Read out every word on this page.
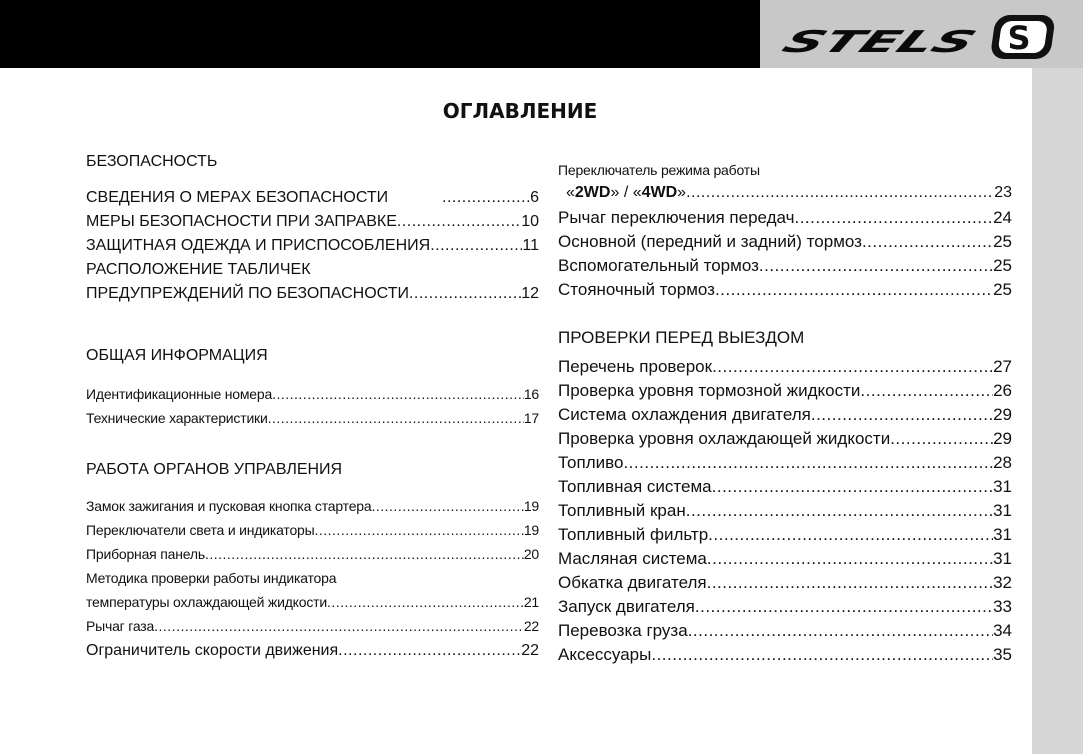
STELS	S
ОГЛАВЛЕНИЕ
БЕЗОПАСНОСТЬ
СВЕДЕНИЯ О МЕРАХ БЕЗОПАСНОСТИ .....	6
МЕРЫ БЕЗОПАСНОСТИ ПРИ ЗАПРАВКЕ .....	10
ЗАЩИТНАЯ ОДЕЖДА И ПРИСПОСОБЛЕНИЯ .....	11
РАСПОЛОЖЕНИЕ ТАБЛИЧЕК
ПРЕДУПРЕЖДЕНИЙ ПО БЕЗОПАСНОСТИ .....	12
ОБЩАЯ ИНФОРМАЦИЯ
Идентификационные номера .....	16
Технические характеристики .....	17
РАБОТА ОРГАНОВ УПРАВЛЕНИЯ
Замок зажигания и пусковая кнопка стартера .....	19
Переключатели света и индикаторы .....	19
Приборная панель .....	20
Методика проверки работы индикатора
температуры охлаждающей жидкости .....	21
Рычаг газа .....	22
Ограничитель скорости движения .....	22
Переключатель режима работы
« 2WD » / « 4WD » .....	23
Рычаг переключения передач .....	24
Основной (передний и задний) тормоз .....	25
Вспомогательный тормоз .....	25
Стояночный тормоз .....	25
ПРОВЕРКИ ПЕРЕД ВЫЕЗДОМ
Перечень проверок .....	27
Проверка уровня тормозной жидкости .....	26
Система охлаждения двигателя .....	29
Проверка уровня охлаждающей жидкости .....	29
Топливо .....	28
Топливная система .....	31
Топливный кран .....	31
Топливный фильтр .....	31
Масляная система .....	31
Обкатка двигателя .....	32
Запуск двигателя .....	33
Перевозка груза .....	34
Аксессуары .....	35
